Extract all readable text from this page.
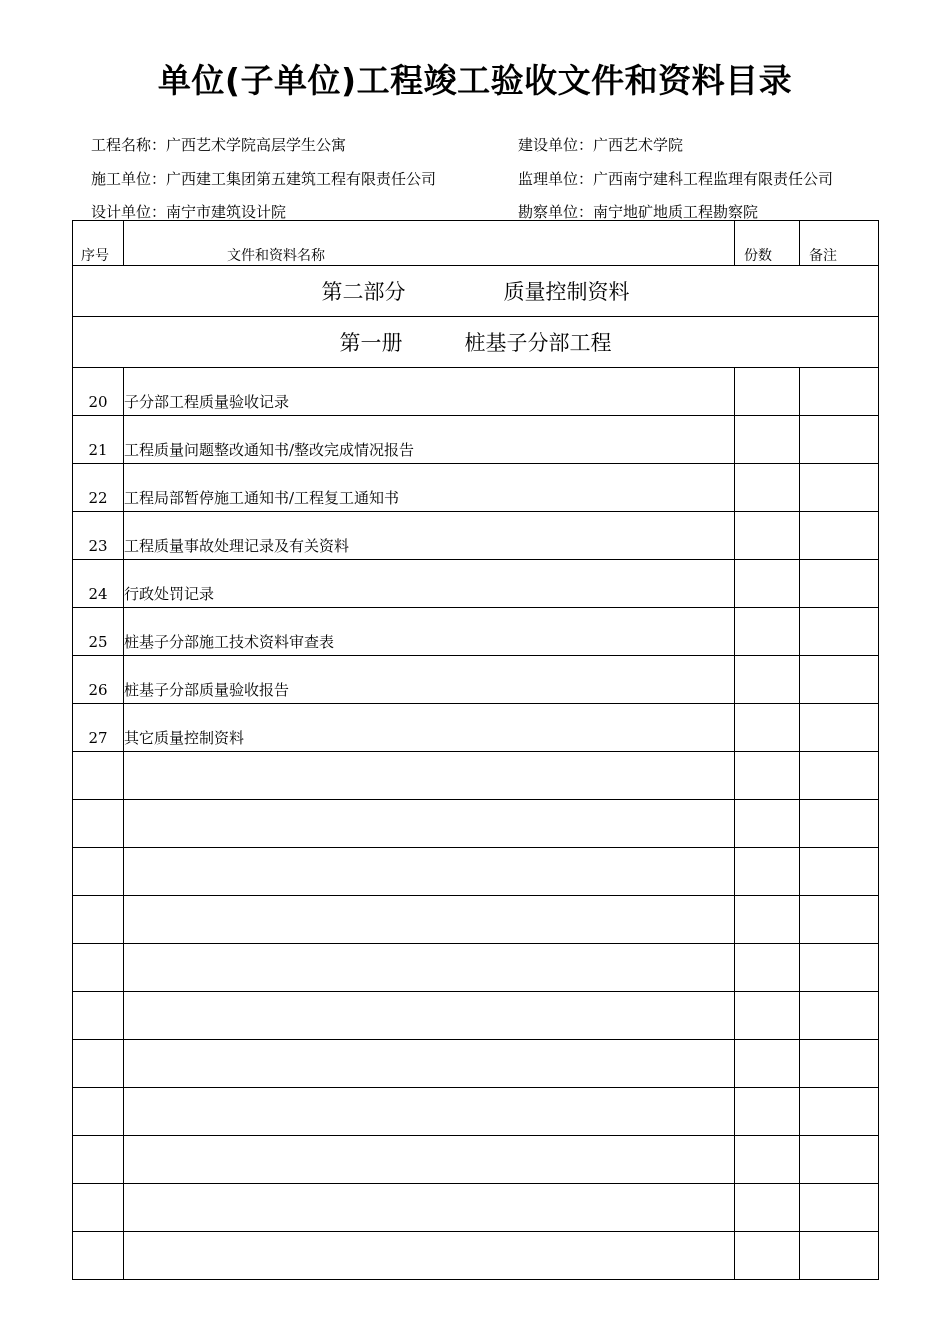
单位(子单位)工程竣工验收文件和资料目录
工程名称：广西艺术学院高层学生公寓	建设单位：广西艺术学院
施工单位：广西建工集团第五建筑工程有限责任公司	监理单位：广西南宁建科工程监理有限责任公司
设计单位：南宁市建筑设计院	勘察单位：南宁地矿地质工程勘察院
序号	文件和资料名称	份数	备注
第二部分 质量控制资料			
第一册 桩基子分部工程			
20	子分部工程质量验收记录		
21	工程质量问题整改通知书/整改完成情况报告		
22	工程局部暂停施工通知书/工程复工通知书		
23	工程质量事故处理记录及有关资料		
24	行政处罚记录		
25	桩基子分部施工技术资料审查表		
26	桩基子分部质量验收报告		
27	其它质量控制资料		
